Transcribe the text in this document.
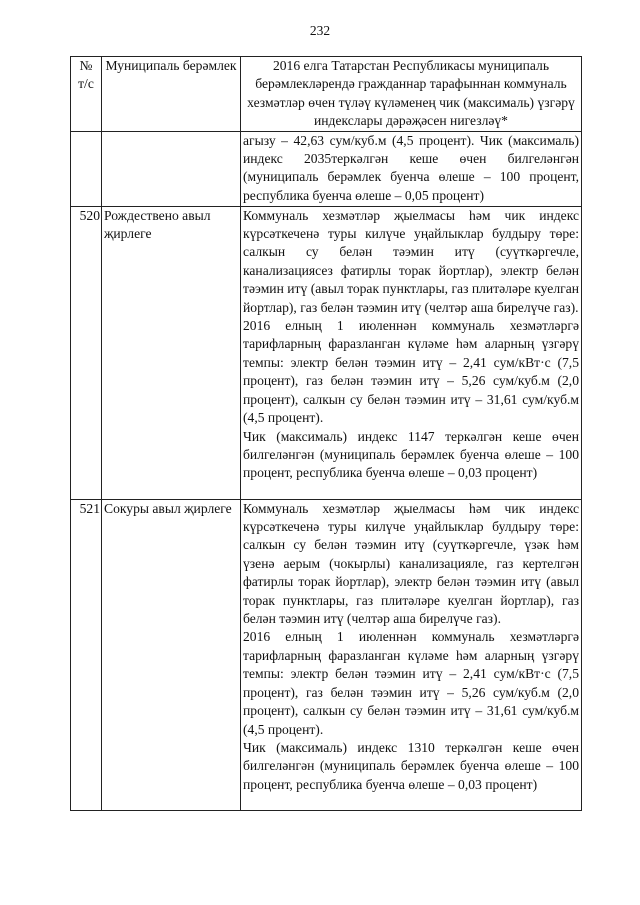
232
№ т/с	Муниципаль берәмлек	2016 елга Татарстан Республикасы муниципаль берәмлекләрендә гражданнар тарафыннан коммуналь хезмәтләр өчен түләү күләменең чик (максималь) үзгәрү индекслары дәрәҗәсен нигезләү*

		агызу – 42,63 сум/куб.м (4,5 процент). Чик (максималь) индекс 2035теркәлгән кеше өчен билгеләнгән (муниципаль берәмлек буенча өлеше – 100 процент, республика буенча өлеше – 0,05 процент)

520	Рождествено авыл җирлеге	Коммуналь хезмәтләр җыелмасы һәм чик индекс күрсәткеченә туры килүче уңайлыклар булдыру төре: салкын су белән тәэмин итү (суүткәргечле, канализациясез фатирлы торак йортлар), электр белән тәэмин итү (авыл торак пунктлары, газ плитәләре куелган йортлар), газ белән тәэмин итү (челтәр аша бирелүче газ).

2016 елның 1 июленнән коммуналь хезмәтләргә тарифларның фаразланган күләме һәм аларның үзгәрү темпы: электр белән тәэмин итү – 2,41 сум/кВт·с (7,5 процент), газ белән тәэмин итү – 5,26 сум/куб.м (2,0 процент), салкын су белән тәэмин итү – 31,61 сум/куб.м (4,5 процент).

Чик (максималь) индекс 1147 теркәлгән кеше өчен билгеләнгән (муниципаль берәмлек буенча өлеше – 100 процент, республика буенча өлеше – 0,03 процент)

521	Сокуры авыл җирлеге	Коммуналь хезмәтләр җыелмасы һәм чик индекс күрсәткеченә туры килүче уңайлыклар булдыру төре: салкын су белән тәэмин итү (суүткәргечле, үзәк һәм үзенә аерым (чокырлы) канализацияле, газ кертелгән фатирлы торак йортлар), электр белән тәэмин итү (авыл торак пунктлары, газ плитәләре куелган йортлар), газ белән тәэмин итү (челтәр аша бирелүче газ).

2016 елның 1 июленнән коммуналь хезмәтләргә тарифларның фаразланган күләме һәм аларның үзгәрү темпы: электр белән тәэмин итү – 2,41 сум/кВт·с (7,5 процент), газ белән тәэмин итү – 5,26 сум/куб.м (2,0 процент), салкын су белән тәэмин итү – 31,61 сум/куб.м (4,5 процент).

Чик (максималь) индекс 1310 теркәлгән кеше өчен билгеләнгән (муниципаль берәмлек буенча өлеше – 100 процент, республика буенча өлеше – 0,03 процент)
